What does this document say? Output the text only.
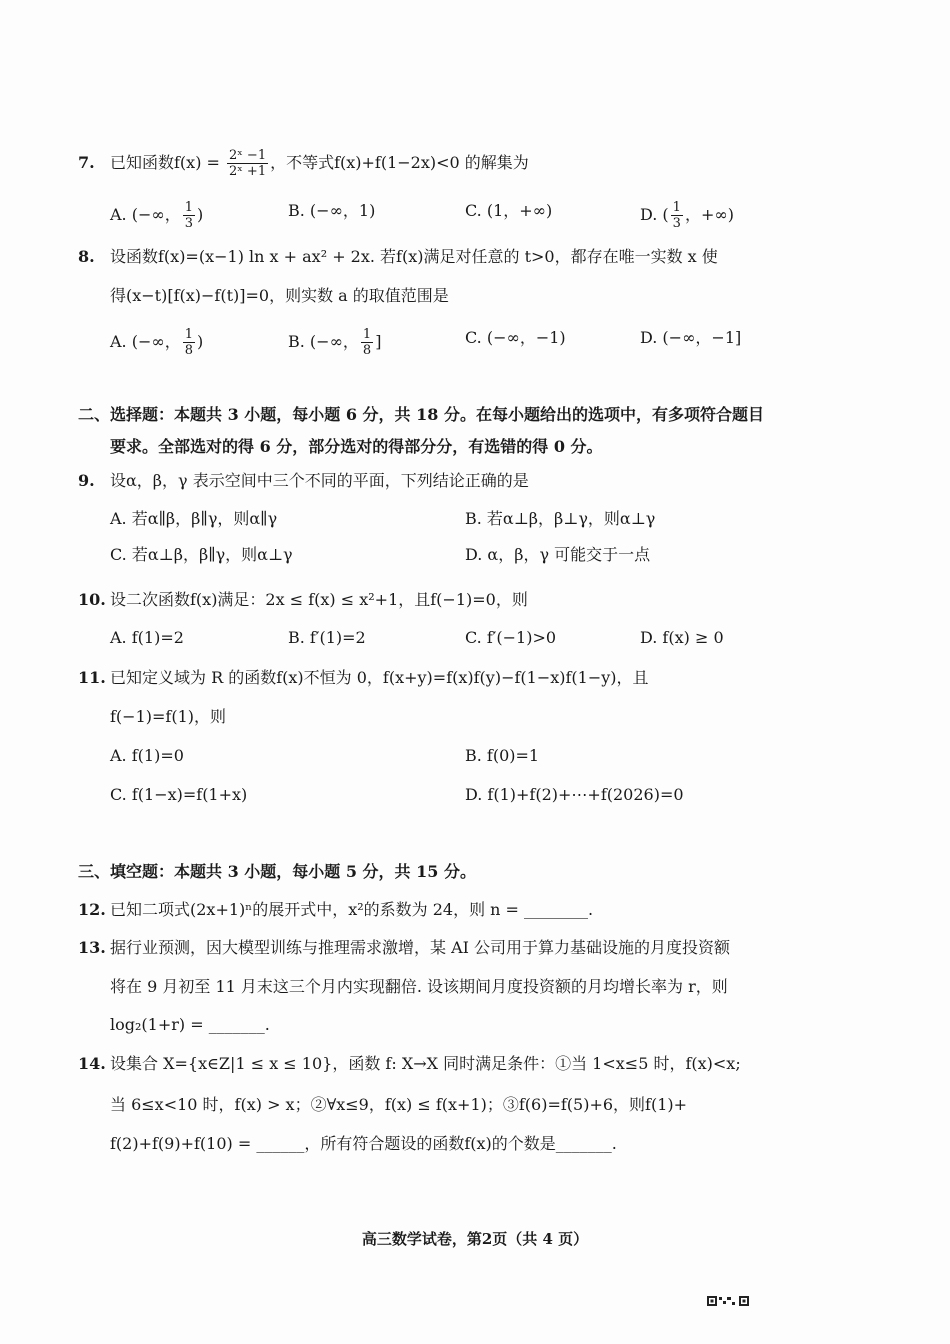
7. 已知函数$f(x) = \frac{\text{2ˣ −1}}{\text{2ˣ +1}}$ ，不等式f(x)+f(1−2x)<0 的解集为
A. (−∞， $\frac{1}{3}$ )	B. (−∞，1)	C. (1，+∞)	D. ( $\frac{1}{3}$ ，+∞)
8. 设函数f(x)=(x−1) ln x + ax² + 2x. 若f(x)满足对任意的 t>0，都存在唯一实数 x 使
得(x−t)[f(x)−f(t)]=0，则实数 a 的取值范围是
A. (−∞， $\frac{1}{8}$ )	B. (−∞， $\frac{1}{8}$ ]	C. (−∞，−1)	D. (−∞，−1]
二、选择题：本题共 3 小题，每小题 6 分，共 18 分。在每小题给出的选项中，有多项符合题目
要求。全部选对的得 6 分，部分选对的得部分分，有选错的得 0 分。
9. 设α，β，γ 表示空间中三个不同的平面，下列结论正确的是
A. 若α∥β，β∥γ，则α∥γ	B. 若α⊥β，β⊥γ，则α⊥γ
C. 若α⊥β，β∥γ，则α⊥γ	D. α，β，γ 可能交于一点
10. 设二次函数f(x)满足：2x ≤ f(x) ≤ x²+1，且f(−1)=0，则
A. f(1)=2	B. f′(1)=2	C. f′(−1)>0	D. f(x) ≥ 0
11. 已知定义域为 R 的函数f(x)不恒为 0，f(x+y)=f(x)f(y)−f(1−x)f(1−y)，且
f(−1)=f(1)，则
A. f(1)=0	B. f(0)=1
C. f(1−x)=f(1+x)	D. f(1)+f(2)+⋯+f(2026)=0
三、填空题：本题共 3 小题，每小题 5 分，共 15 分。
12. 已知二项式(2x+1)ⁿ的展开式中，x²的系数为 24，则 n = ________.
13. 据行业预测，因大模型训练与推理需求激增，某 AI 公司用于算力基础设施的月度投资额
将在 9 月初至 11 月末这三个月内实现翻倍. 设该期间月度投资额的月均增长率为 r，则
log₂(1+r) = _______.
14. 设集合 X={x∈Z|1 ≤ x ≤ 10}，函数 f: X→X 同时满足条件：①当 1<x≤5 时，f(x)<x;
当 6≤x<10 时，f(x) > x；②∀x≤9，f(x) ≤ f(x+1)；③f(6)=f(5)+6，则f(1)+
f(2)+f(9)+f(10) = ______，所有符合题设的函数f(x)的个数是_______.
高三数学试卷，第2页（共 4 页）
